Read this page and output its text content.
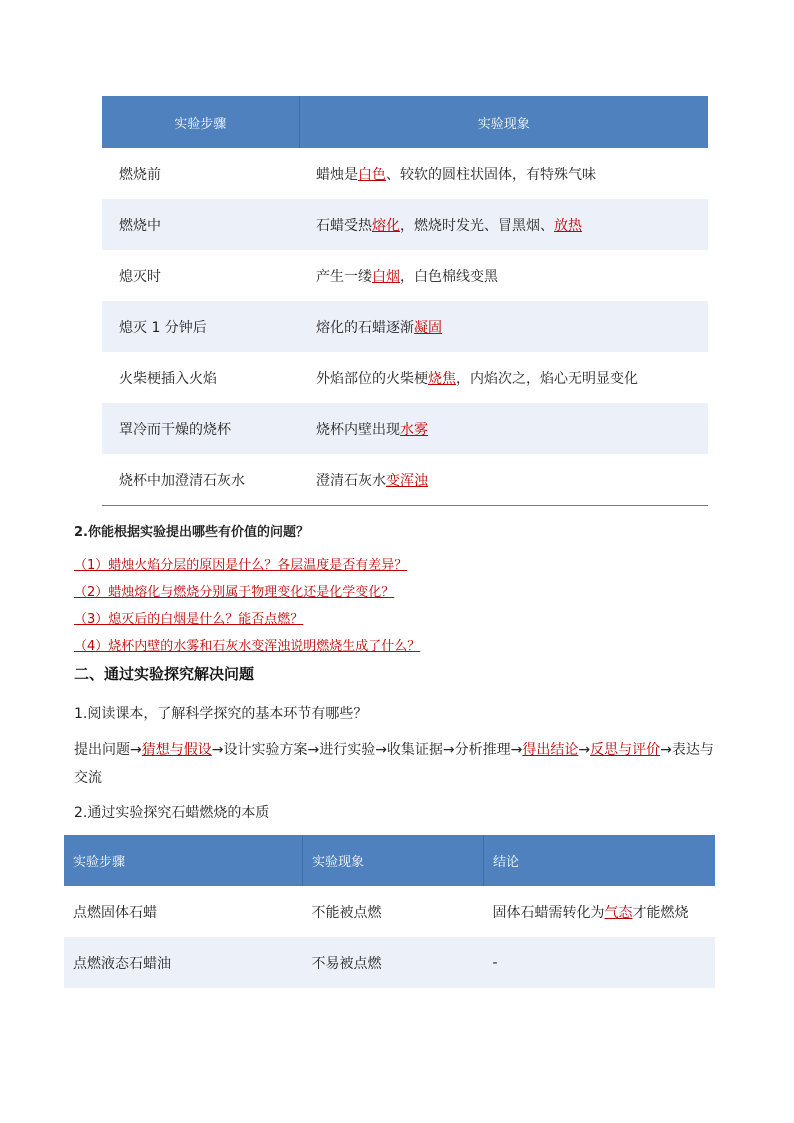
实验步骤	实验现象
燃烧前	蜡烛是白色、较软的圆柱状固体，有特殊气味
燃烧中	石蜡受热熔化，燃烧时发光、冒黑烟、放热
熄灭时	产生一缕白烟，白色棉线变黑
熄灭 1 分钟后	熔化的石蜡逐渐凝固
火柴梗插入火焰	外焰部位的火柴梗烧焦，内焰次之，焰心无明显变化
罩冷而干燥的烧杯	烧杯内壁出现水雾
烧杯中加澄清石灰水	澄清石灰水变浑浊
2.你能根据实验提出哪些有价值的问题？
（1）蜡烛火焰分层的原因是什么？各层温度是否有差异？
（2）蜡烛熔化与燃烧分别属于物理变化还是化学变化？
（3）熄灭后的白烟是什么？能否点燃？
（4）烧杯内壁的水雾和石灰水变浑浊说明燃烧生成了什么？
二、通过实验探究解决问题
1.阅读课本，了解科学探究的基本环节有哪些？
提出问题→猜想与假设→设计实验方案→进行实验→收集证据→分析推理→得出结论→反思与评价→表达与交流
2.通过实验探究石蜡燃烧的本质
实验步骤	实验现象	结论
点燃固体石蜡	不能被点燃	固体石蜡需转化为气态才能燃烧
点燃液态石蜡油	不易被点燃	-
